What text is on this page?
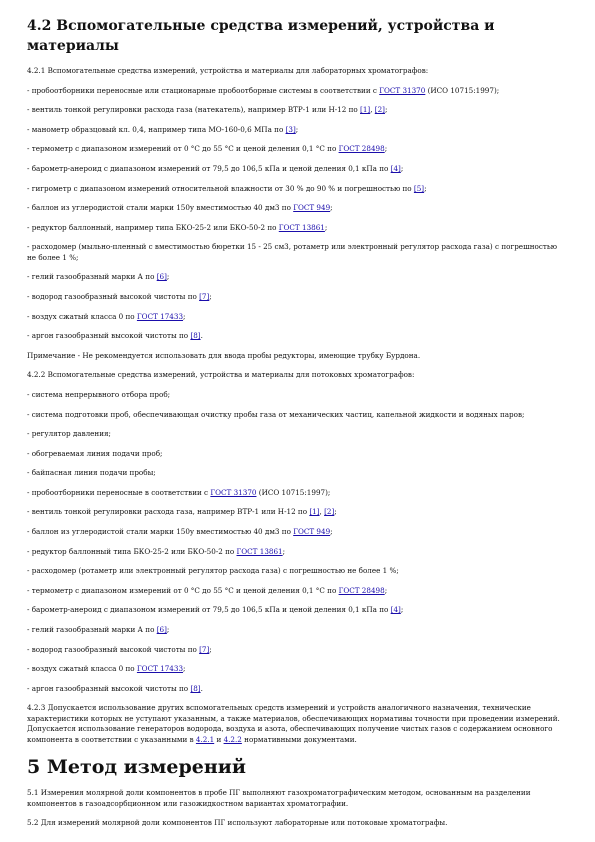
4.2 Вспомогательные средства измерений, устройства и материалы

4.2.1 Вспомогательные средства измерений, устройства и материалы для лабораторных хроматографов:

- пробоотборники переносные или стационарные пробоотборные системы в соответствии с ГОСТ 31370 (ИСО 10715:1997);

- вентиль тонкой регулировки расхода газа (натекатель), например ВТР-1 или Н-12 по [1], [2];

- манометр образцовый кл. 0,4, например типа МО-160-0,6 МПа по [3];

- термометр с диапазоном измерений от 0 °С до 55 °С и ценой деления 0,1 °С по ГОСТ 28498;

- барометр-анероид с диапазоном измерений от 79,5 до 106,5 кПа и ценой деления 0,1 кПа по [4];

- гигрометр с диапазоном измерений относительной влажности от 30 % до 90 % и погрешностью по [5];

- баллон из углеродистой стали марки 150у вместимостью 40 дм3 по ГОСТ 949;

- редуктор баллонный, например типа БКО-25-2 или БКО-50-2 по ГОСТ 13861;

- расходомер (мыльно-пленный с вместимостью бюретки 15 - 25 см3, ротаметр или электронный регулятор расхода газа) с погрешностью не более 1 %;

- гелий газообразный марки А по [6];

- водород газообразный высокой чистоты по [7];

- воздух сжатый класса 0 по ГОСТ 17433;

- аргон газообразный высокой чистоты по [8].

Примечание - Не рекомендуется использовать для ввода пробы редукторы, имеющие трубку Бурдона.

4.2.2 Вспомогательные средства измерений, устройства и материалы для потоковых хроматографов:

- система непрерывного отбора проб;

- система подготовки проб, обеспечивающая очистку пробы газа от механических частиц, капельной жидкости и водяных паров;

- регулятор давления;

- обогреваемая линия подачи проб;

- байпасная линия подачи пробы;

- пробоотборники переносные в соответствии с ГОСТ 31370 (ИСО 10715:1997);

- вентиль тонкой регулировки расхода газа, например ВТР-1 или Н-12 по [1], [2];

- баллон из углеродистой стали марки 150у вместимостью 40 дм3 по ГОСТ 949;

- редуктор баллонный типа БКО-25-2 или БКО-50-2 по ГОСТ 13861;

- расходомер (ротаметр или электронный регулятор расхода газа) с погрешностью не более 1 %;

- термометр с диапазоном измерений от 0 °С до 55 °С и ценой деления 0,1 °С по ГОСТ 28498;

- барометр-анероид с диапазоном измерений от 79,5 до 106,5 кПа и ценой деления 0,1 кПа по [4];

- гелий газообразный марки А по [6];

- водород газообразный высокой чистоты по [7];

- воздух сжатый класса 0 по ГОСТ 17433;

- аргон газообразный высокой чистоты по [8].

4.2.3 Допускается использование других вспомогательных средств измерений и устройств аналогичного назначения, технические характеристики которых не уступают указанным, а также материалов, обеспечивающих нормативы точности при проведении измерений. Допускается использование генераторов водорода, воздуха и азота, обеспечивающих получение чистых газов с содержанием основного компонента в соответствии с указанными в 4.2.1 и 4.2.2 нормативными документами.

5 Метод измерений

5.1 Измерения молярной доли компонентов в пробе ПГ выполняют газохроматографическим методом, основанным на разделении компонентов в газоадсорбционном или газожидкостном вариантах хроматографии.

5.2 Для измерений молярной доли компонентов ПГ используют лабораторные или потоковые хроматографы.
